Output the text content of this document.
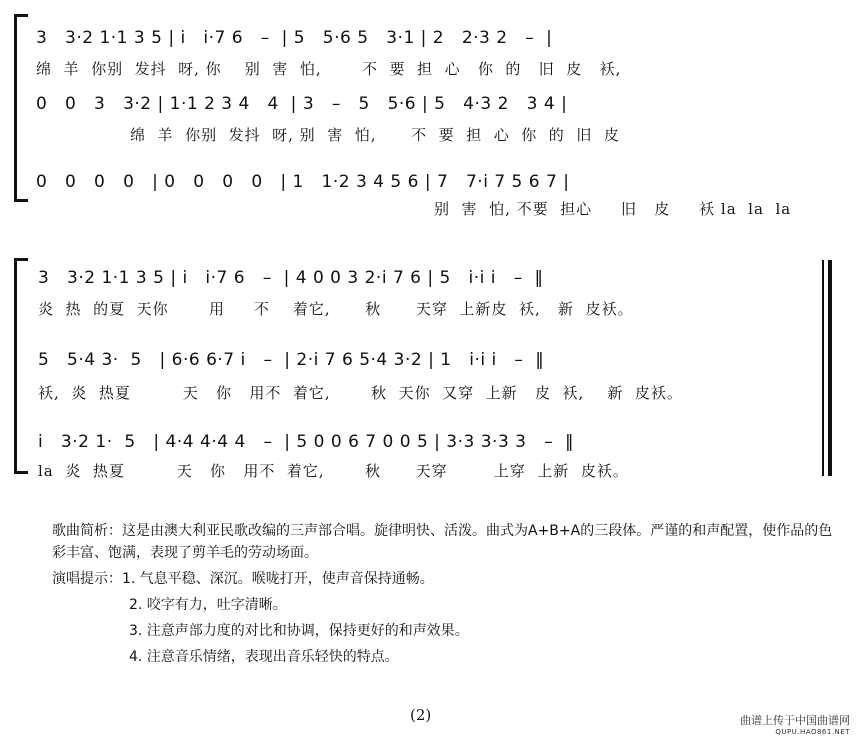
3   3·2 1·1 3 5 | i   i·7 6   –  | 5   5·6 5   3·1 | 2   2·3 2   –  |
绵  羊  你别  发抖  呀, 你    别  害  怕,       不  要  担  心   你  的   旧  皮   袄,
0   0   3   3·2 | 1·1 2 3 4   4  | 3   –   5   5·6 | 5   4·3 2   3 4 |
绵  羊  你别  发抖  呀, 别  害  怕,      不  要  担  心  你  的  旧  皮
0   0   0   0   | 0   0   0   0   | 1   1·2 3 4 5 6 | 7   7·i 7 5 6 7 |
别  害  怕, 不要  担心     旧   皮     袄 la  la  la
3   3·2 1·1 3 5 | i   i·7 6   –  | 4 0 0 3 2·i 7 6 | 5   i·i i   –  ‖
炎  热  的夏  天你       用     不    着它,      秋      天穿  上新皮  袄,   新  皮袄。
5   5·4 3·  5   | 6·6 6·7 i   –  | 2·i 7 6 5·4 3·2 | 1   i·i i   –  ‖
袄,  炎  热夏         天   你   用不  着它,       秋  天你  又穿  上新   皮  袄,    新  皮袄。
i   3·2 1·  5   | 4·4 4·4 4   –  | 5 0 0 6 7 0 0 5 | 3·3 3·3 3   –  ‖
la  炎  热夏         天   你   用不  着它,       秋      天穿        上穿  上新  皮袄。
歌曲简析：这是由澳大利亚民歌改编的三声部合唱。旋律明快、活泼。曲式为A+B+A的三段体。严谨的和声配置，使作品的色彩丰富、饱满，表现了剪羊毛的劳动场面。
演唱提示：1. 气息平稳、深沉。喉咙打开，使声音保持通畅。
2. 咬字有力，吐字清晰。
3. 注意声部力度的对比和协调，保持更好的和声效果。
4. 注意音乐情绪，表现出音乐轻快的特点。
(2)	曲谱上传于中国曲谱网
QUPU.HAO861.NET
